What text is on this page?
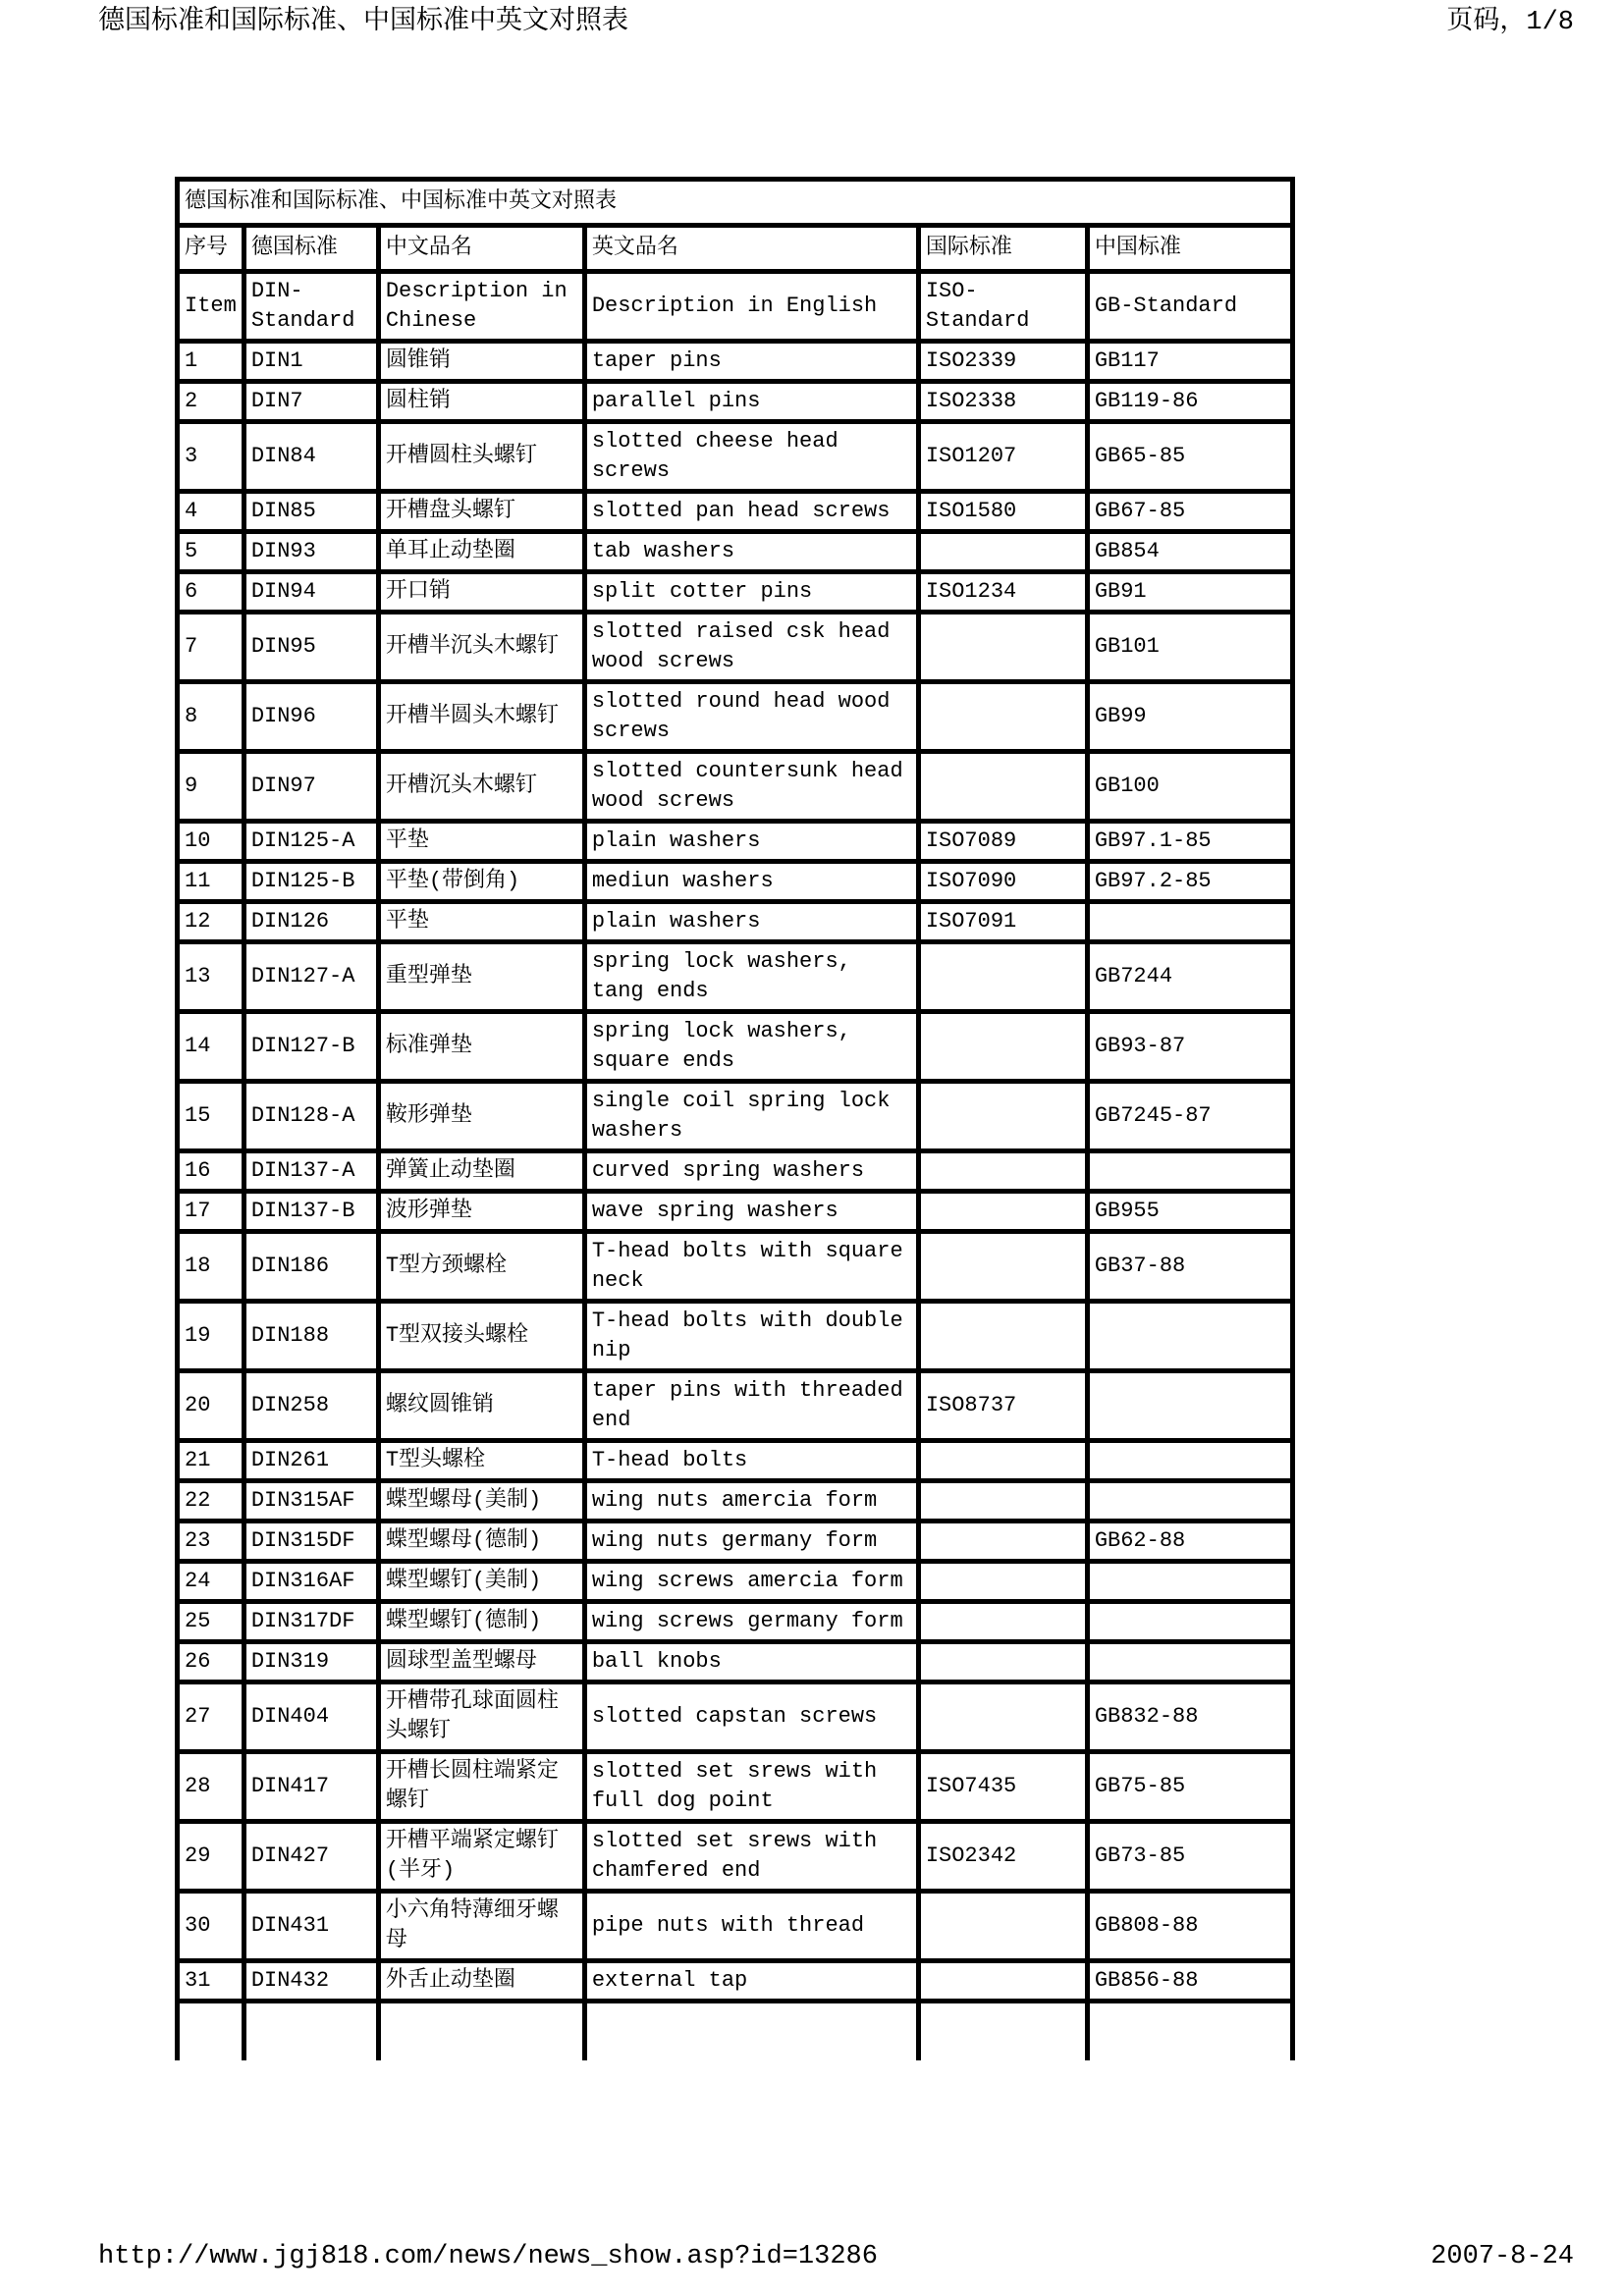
德国标准和国际标准、中国标准中英文对照表	页码，1/8
德国标准和国际标准、中国标准中英文对照表					
序号	德国标准	中文品名	英文品名	国际标准	中国标准
Item	DIN-Standard	Description in Chinese	Description in English	ISO-Standard	GB-Standard
1	DIN1	圆锥销	taper pins	ISO2339	GB117
2	DIN7	圆柱销	parallel pins	ISO2338	GB119-86
3	DIN84	开槽圆柱头螺钉	slotted cheese head screws	ISO1207	GB65-85
4	DIN85	开槽盘头螺钉	slotted pan head screws	ISO1580	GB67-85
5	DIN93	单耳止动垫圈	tab washers		GB854
6	DIN94	开口销	split cotter pins	ISO1234	GB91
7	DIN95	开槽半沉头木螺钉	slotted raised csk head wood screws		GB101
8	DIN96	开槽半圆头木螺钉	slotted round head wood screws		GB99
9	DIN97	开槽沉头木螺钉	slotted countersunk head wood screws		GB100
10	DIN125-A	平垫	plain washers	ISO7089	GB97.1-85
11	DIN125-B	平垫(带倒角)	mediun washers	ISO7090	GB97.2-85
12	DIN126	平垫	plain washers	ISO7091	
13	DIN127-A	重型弹垫	spring lock washers, tang ends		GB7244
14	DIN127-B	标准弹垫	spring lock washers, square ends		GB93-87
15	DIN128-A	鞍形弹垫	single coil spring lock washers		GB7245-87
16	DIN137-A	弹簧止动垫圈	curved spring washers		
17	DIN137-B	波形弹垫	wave spring washers		GB955
18	DIN186	T型方颈螺栓	T-head bolts with square neck		GB37-88
19	DIN188	T型双接头螺栓	T-head bolts with double nip		
20	DIN258	螺纹圆锥销	taper pins with threaded end	ISO8737	
21	DIN261	T型头螺栓	T-head bolts		
22	DIN315AF	蝶型螺母(美制)	wing nuts amercia form		
23	DIN315DF	蝶型螺母(德制)	wing nuts germany form		GB62-88
24	DIN316AF	蝶型螺钉(美制)	wing screws amercia form		
25	DIN317DF	蝶型螺钉(德制)	wing screws germany form		
26	DIN319	圆球型盖型螺母	ball knobs		
27	DIN404	开槽带孔球面圆柱头螺钉	slotted capstan screws		GB832-88
28	DIN417	开槽长圆柱端紧定螺钉	slotted set srews with full dog point	ISO7435	GB75-85
29	DIN427	开槽平端紧定螺钉(半牙)	slotted set srews with chamfered end	ISO2342	GB73-85
30	DIN431	小六角特薄细牙螺母	pipe nuts with thread		GB808-88
31	DIN432	外舌止动垫圈	external tap		GB856-88

http://www.jgj818.com/news/news_show.asp?id=13286	2007-8-24
